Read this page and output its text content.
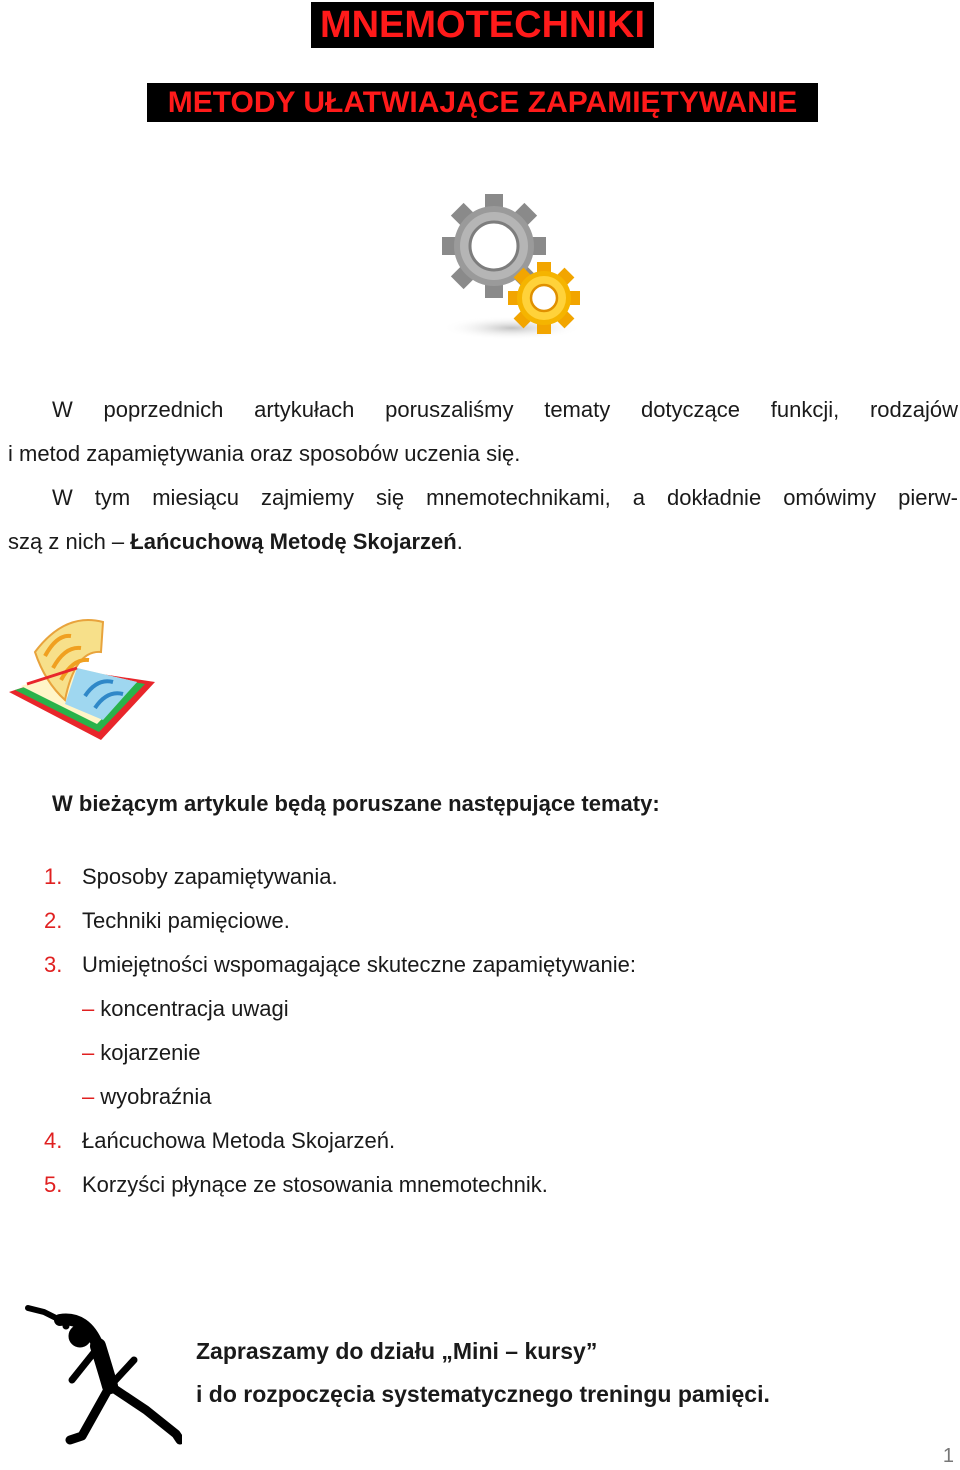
MNEMOTECHNIKI
METODY UŁATWIAJĄCE ZAPAMIĘTYWANIE
W poprzednich artykułach poruszaliśmy tematy dotyczące funkcji, rodzajów
i metod zapamiętywania oraz sposobów uczenia się.
W tym miesiącu zajmiemy się mnemotechnikami, a dokładnie omówimy pierw-
szą z nich – Łańcuchową Metodę Skojarzeń.
W bieżącym artykule będą poruszane następujące tematy:
1. Sposoby zapamiętywania.
2. Techniki pamięciowe.
3. Umiejętności wspomagające skuteczne zapamiętywanie:
– koncentracja uwagi
– kojarzenie
– wyobraźnia
4. Łańcuchowa Metoda Skojarzeń.
5. Korzyści płynące ze stosowania mnemotechnik.
Zapraszamy do działu „Mini – kursy”
i do rozpoczęcia systematycznego treningu pamięci.
1
